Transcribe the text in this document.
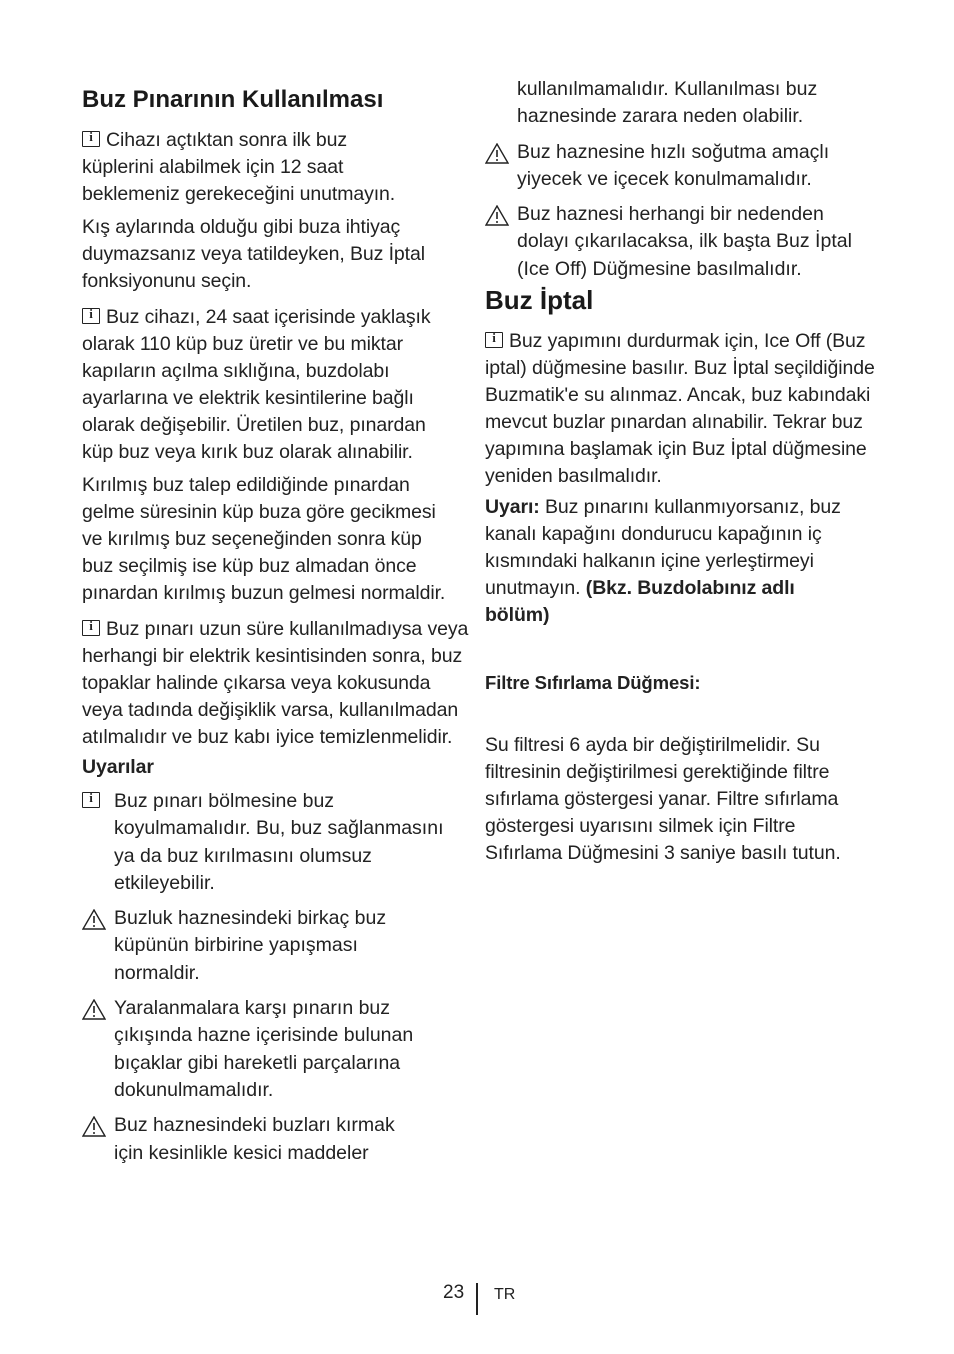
Buz Pınarının Kullanılması

iCihazı açtıktan sonra ilk buz küplerini alabilmek için 12 saat beklemeniz gerekeceğini unutmayın.

Kış aylarında olduğu gibi buza ihtiyaç duymazsanız veya tatildeyken, Buz İptal fonksiyonunu seçin.

iBuz cihazı, 24 saat içerisinde yaklaşık olarak 110 küp buz üretir ve bu miktar kapıların açılma sıklığına, buzdolabı ayarlarına ve elektrik kesintilerine bağlı olarak değişebilir. Üretilen buz, pınardan küp buz veya kırık buz olarak alınabilir.

Kırılmış buz talep edildiğinde pınardan gelme süresinin küp buza göre gecikmesi ve kırılmış buz seçeneğinden sonra küp buz seçilmiş ise küp buz almadan önce pınardan kırılmış buzun gelmesi normaldir.

iBuz pınarı uzun süre kullanılmadıysa veya herhangi bir elektrik kesintisinden sonra, buz topaklar halinde çıkarsa veya kokusunda veya tadında değişiklik varsa, kullanılmadan atılmalıdır ve buz kabı iyice temizlenmelidir.

Uyarılar

i
Buz pınarı bölmesine buz koyulmamalıdır. Bu, buz sağlanmasını ya da buz kırılmasını olumsuz etkileyebilir.
Buzluk haznesindeki birkaç buz küpünün birbirine yapışması normaldir.
Yaralanmalara karşı pınarın buz çıkışında hazne içerisinde bulunan bıçaklar gibi hareketli parçalarına dokunulmamalıdır.
Buz haznesindeki buzları kırmak için kesinlikle kesici maddeler
kullanılmamalıdır. Kullanılması buz haznesinde zarara neden olabilir.
Buz haznesine hızlı soğutma amaçlı yiyecek ve içecek konulmamalıdır.
Buz haznesi herhangi bir nedenden dolayı çıkarılacaksa, ilk başta Buz İptal (Ice Off) Düğmesine basılmalıdır.
Buz İptal

iBuz yapımını durdurmak için, Ice Off (Buz iptal) düğmesine basılır. Buz İptal seçildiğinde Buzmatik'e su alınmaz. Ancak, buz kabındaki mevcut buzlar pınardan alınabilir. Tekrar buz yapımına başlamak için Buz İptal düğmesine yeniden basılmalıdır.

Uyarı: Buz pınarını kullanmıyorsanız, buz kanalı kapağını dondurucu kapağının iç kısmındaki halkanın içine yerleştirmeyi unutmayın. (Bkz. Buzdolabınız adlı bölüm)

Filtre Sıfırlama Düğmesi:

Su filtresi 6 ayda bir değiştirilmelidir. Su filtresinin değiştirilmesi gerektiğinde filtre sıfırlama göstergesi yanar. Filtre sıfırlama göstergesi uyarısını silmek için Filtre Sıfırlama Düğmesini 3 saniye basılı tutun.

23 TR
